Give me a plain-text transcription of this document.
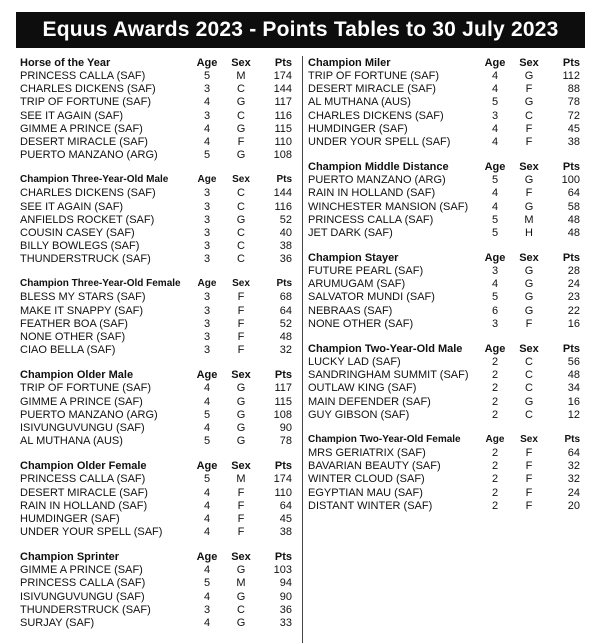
Equus Awards 2023 - Points Tables to 30 July 2023
Horse of the Year	Age	Sex	Pts
PRINCESS CALLA (SAF)	5	M	174
CHARLES DICKENS (SAF)	3	C	144
TRIP OF FORTUNE (SAF)	4	G	117
SEE IT AGAIN (SAF)	3	C	116
GIMME A PRINCE (SAF)	4	G	115
DESERT MIRACLE (SAF)	4	F	110
PUERTO MANZANO (ARG)	5	G	108
Champion Three-Year-Old Male	Age	Sex	Pts
CHARLES DICKENS (SAF)	3	C	144
SEE IT AGAIN (SAF)	3	C	116
ANFIELDS ROCKET (SAF)	3	G	52
COUSIN CASEY (SAF)	3	C	40
BILLY BOWLEGS (SAF)	3	C	38
THUNDERSTRUCK (SAF)	3	C	36
Champion Three-Year-Old Female	Age	Sex	Pts
BLESS MY STARS (SAF)	3	F	68
MAKE IT SNAPPY (SAF)	3	F	64
FEATHER BOA (SAF)	3	F	52
NONE OTHER (SAF)	3	F	48
CIAO BELLA (SAF)	3	F	32
Champion Older Male	Age	Sex	Pts
TRIP OF FORTUNE (SAF)	4	G	117
GIMME A PRINCE (SAF)	4	G	115
PUERTO MANZANO (ARG)	5	G	108
ISIVUNGUVUNGU (SAF)	4	G	90
AL MUTHANA (AUS)	5	G	78
Champion Older Female	Age	Sex	Pts
PRINCESS CALLA (SAF)	5	M	174
DESERT MIRACLE (SAF)	4	F	110
RAIN IN HOLLAND (SAF)	4	F	64
HUMDINGER (SAF)	4	F	45
UNDER YOUR SPELL (SAF)	4	F	38
Champion Sprinter	Age	Sex	Pts
GIMME A PRINCE (SAF)	4	G	103
PRINCESS CALLA (SAF)	5	M	94
ISIVUNGUVUNGU (SAF)	4	G	90
THUNDERSTRUCK (SAF)	3	C	36
SURJAY (SAF)	4	G	33
Champion Miler	Age	Sex	Pts
TRIP OF FORTUNE (SAF)	4	G	112
DESERT MIRACLE (SAF)	4	F	88
AL MUTHANA (AUS)	5	G	78
CHARLES DICKENS (SAF)	3	C	72
HUMDINGER (SAF)	4	F	45
UNDER YOUR SPELL (SAF)	4	F	38
Champion Middle Distance	Age	Sex	Pts
PUERTO MANZANO (ARG)	5	G	100
RAIN IN HOLLAND (SAF)	4	F	64
WINCHESTER MANSION (SAF)	4	G	58
PRINCESS CALLA (SAF)	5	M	48
JET DARK (SAF)	5	H	48
Champion Stayer	Age	Sex	Pts
FUTURE PEARL (SAF)	3	G	28
ARUMUGAM (SAF)	4	G	24
SALVATOR MUNDI (SAF)	5	G	23
NEBRAAS (SAF)	6	G	22
NONE OTHER (SAF)	3	F	16
Champion Two-Year-Old Male	Age	Sex	Pts
LUCKY LAD (SAF)	2	C	56
SANDRINGHAM SUMMIT (SAF)	2	C	48
OUTLAW KING (SAF)	2	C	34
MAIN DEFENDER (SAF)	2	G	16
GUY GIBSON (SAF)	2	C	12
Champion Two-Year-Old Female	Age	Sex	Pts
MRS GERIATRIX (SAF)	2	F	64
BAVARIAN BEAUTY (SAF)	2	F	32
WINTER CLOUD (SAF)	2	F	32
EGYPTIAN MAU (SAF)	2	F	24
DISTANT WINTER (SAF)	2	F	20
